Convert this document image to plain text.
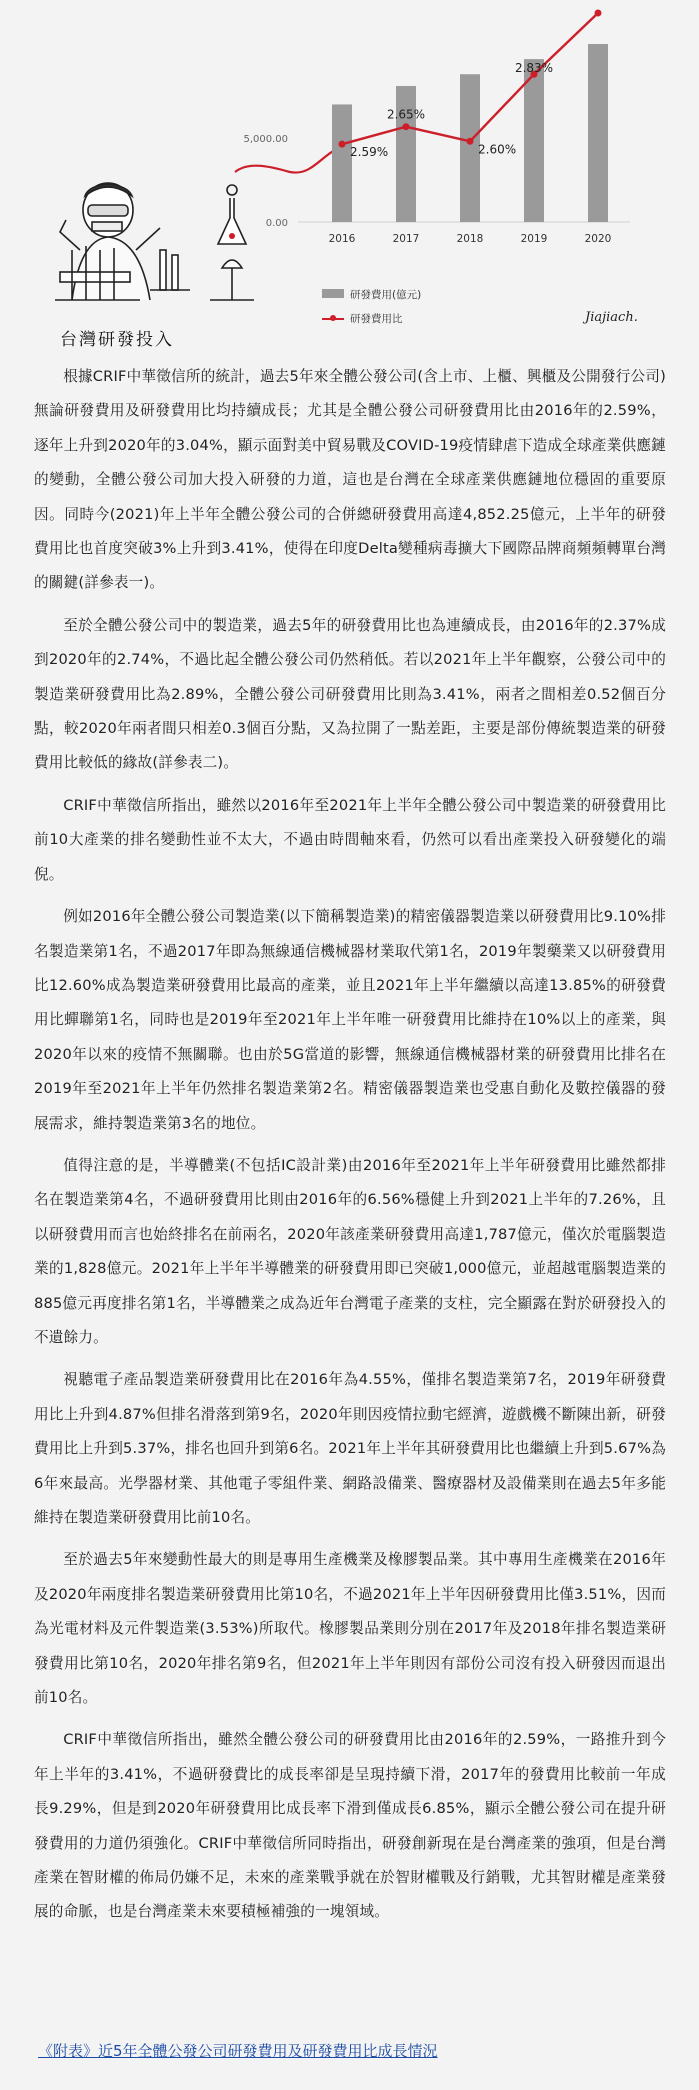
0.00
5,000.00
2016	2017	2018	2019	2020
2.59%
2.65%
2.60%
2.83%
研發費用(億元)
研發費用比
台灣研發投入
Jiajiach.

根據CRIF中華徵信所的統計，過去5年來全體公發公司(含上市、上櫃、興櫃及公開發行公司)無論研發費用及研發費用比均持續成長；尤其是全體公發公司研發費用比由2016年的2.59%，逐年上升到2020年的3.04%，顯示面對美中貿易戰及COVID-19疫情肆虐下造成全球產業供應鏈的變動，全體公發公司加大投入研發的力道，這也是台灣在全球產業供應鏈地位穩固的重要原因。同時今(2021)年上半年全體公發公司的合併總研發費用高達4,852.25億元，上半年的研發費用比也首度突破3%上升到3.41%，使得在印度Delta變種病毒擴大下國際品牌商頻頻轉單台灣的關鍵(詳參表一)。

至於全體公發公司中的製造業，過去5年的研發費用比也為連續成長，由2016年的2.37%成到2020年的2.74%，不過比起全體公發公司仍然稍低。若以2021年上半年觀察，公發公司中的製造業研發費用比為2.89%，全體公發公司研發費用比則為3.41%，兩者之間相差0.52個百分點，較2020年兩者間只相差0.3個百分點，又為拉開了一點差距，主要是部份傳統製造業的研發費用比較低的緣故(詳參表二)。

CRIF中華徵信所指出，雖然以2016年至2021年上半年全體公發公司中製造業的研發費用比前10大產業的排名變動性並不太大，不過由時間軸來看，仍然可以看出產業投入研發變化的端倪。

例如2016年全體公發公司製造業(以下簡稱製造業)的精密儀器製造業以研發費用比9.10%排名製造業第1名，不過2017年即為無線通信機械器材業取代第1名，2019年製藥業又以研發費用比12.60%成為製造業研發費用比最高的產業，並且2021年上半年繼續以高達13.85%的研發費用比蟬聯第1名，同時也是2019年至2021年上半年唯一研發費用比維持在10%以上的產業，與2020年以來的疫情不無關聯。也由於5G當道的影響，無線通信機械器材業的研發費用比排名在2019年至2021年上半年仍然排名製造業第2名。精密儀器製造業也受惠自動化及數控儀器的發展需求，維持製造業第3名的地位。

值得注意的是，半導體業(不包括IC設計業)由2016年至2021年上半年研發費用比雖然都排名在製造業第4名，不過研發費用比則由2016年的6.56%穩健上升到2021上半年的7.26%，且以研發費用而言也始終排名在前兩名，2020年該產業研發費用高達1,787億元，僅次於電腦製造業的1,828億元。2021年上半年半導體業的研發費用即已突破1,000億元，並超越電腦製造業的885億元再度排名第1名，半導體業之成為近年台灣電子產業的支柱，完全顯露在對於研發投入的不遺餘力。

視聽電子產品製造業研發費用比在2016年為4.55%，僅排名製造業第7名，2019年研發費用比上升到4.87%但排名滑落到第9名，2020年則因疫情拉動宅經濟，遊戲機不斷陳出新，研發費用比上升到5.37%，排名也回升到第6名。2021年上半年其研發費用比也繼續上升到5.67%為6年來最高。光學器材業、其他電子零組件業、網路設備業、醫療器材及設備業則在過去5年多能維持在製造業研發費用比前10名。

至於過去5年來變動性最大的則是專用生產機業及橡膠製品業。其中專用生產機業在2016年及2020年兩度排名製造業研發費用比第10名，不過2021年上半年因研發費用比僅3.51%，因而為光電材料及元件製造業(3.53%)所取代。橡膠製品業則分別在2017年及2018年排名製造業研發費用比第10名，2020年排名第9名，但2021年上半年則因有部份公司沒有投入研發因而退出前10名。

CRIF中華徵信所指出，雖然全體公發公司的研發費用比由2016年的2.59%，一路推升到今年上半年的3.41%，不過研發費比的成長率卻是呈現持續下滑，2017年的發費用比較前一年成長9.29%，但是到2020年研發費用比成長率下滑到僅成長6.85%，顯示全體公發公司在提升研發費用的力道仍須強化。CRIF中華徵信所同時指出，研發創新現在是台灣產業的強項，但是台灣產業在智財權的佈局仍嫌不足，未來的產業戰爭就在於智財權戰及行銷戰，尤其智財權是產業發展的命脈，也是台灣產業未來要積極補強的一塊領域。

《附表》近5年全體公發公司研發費用及研發費用比成長情況
